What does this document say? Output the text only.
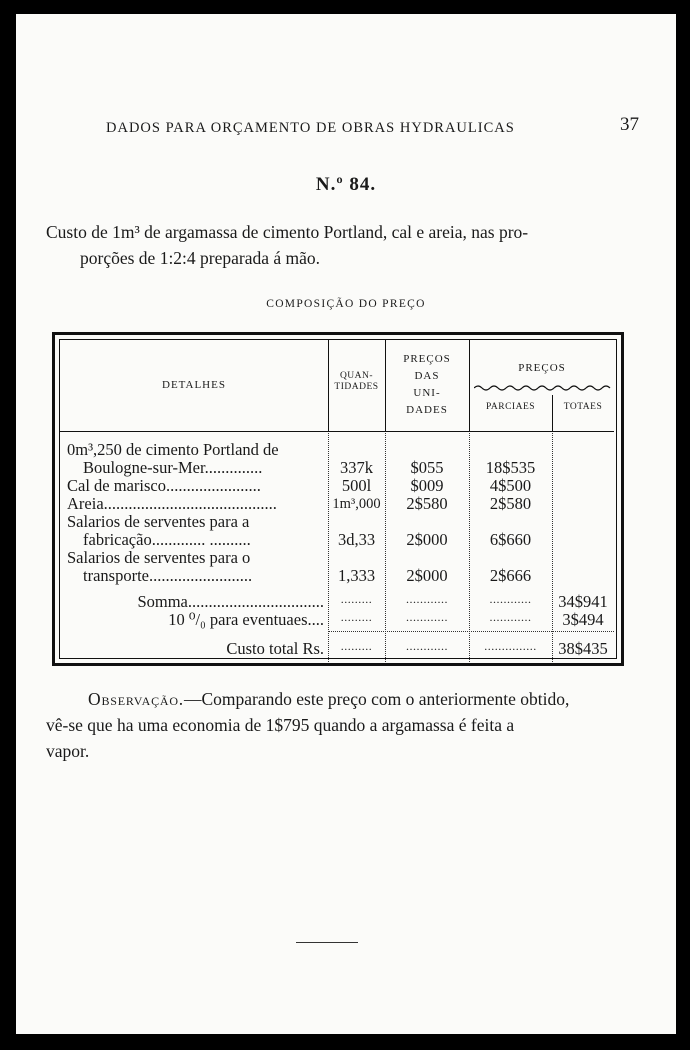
DADOS PARA ORÇAMENTO DE OBRAS HYDRAULICAS	37
N.º 84.
Custo de 1m³ de argamassa de cimento Portland, cal e areia, nas pro-
porções de 1:2:4 preparada á mão.
COMPOSIÇÃO DO PREÇO
DETALHES
QUAN-
TIDADES
PREÇOS
DAS
UNI-
DADES
PREÇOS
PARCIAES	TOTAES
0m³,250 de cimento Portland de
Boulogne-sur-Mer..............	337k	$055	18$535
Cal de marisco.......................	500l	$009	4$500
Areia..........................................	1m³,000	2$580	2$580
Salarios de serventes para a
fabricação............. ..........	3d,33	2$000	6$660
Salarios de serventes para o
transporte.........................	1,333	2$000	2$666
Somma.................................	.........	............	............	34$941
10 ⁰/₀ para eventuaes....	.........	............	............	3$494
Custo total Rs.	.........	............	...............	38$435
Observação.—Comparando este preço com o anteriormente obtido,
vê-se que ha uma economia de 1$795 quando a argamassa é feita a
vapor.
